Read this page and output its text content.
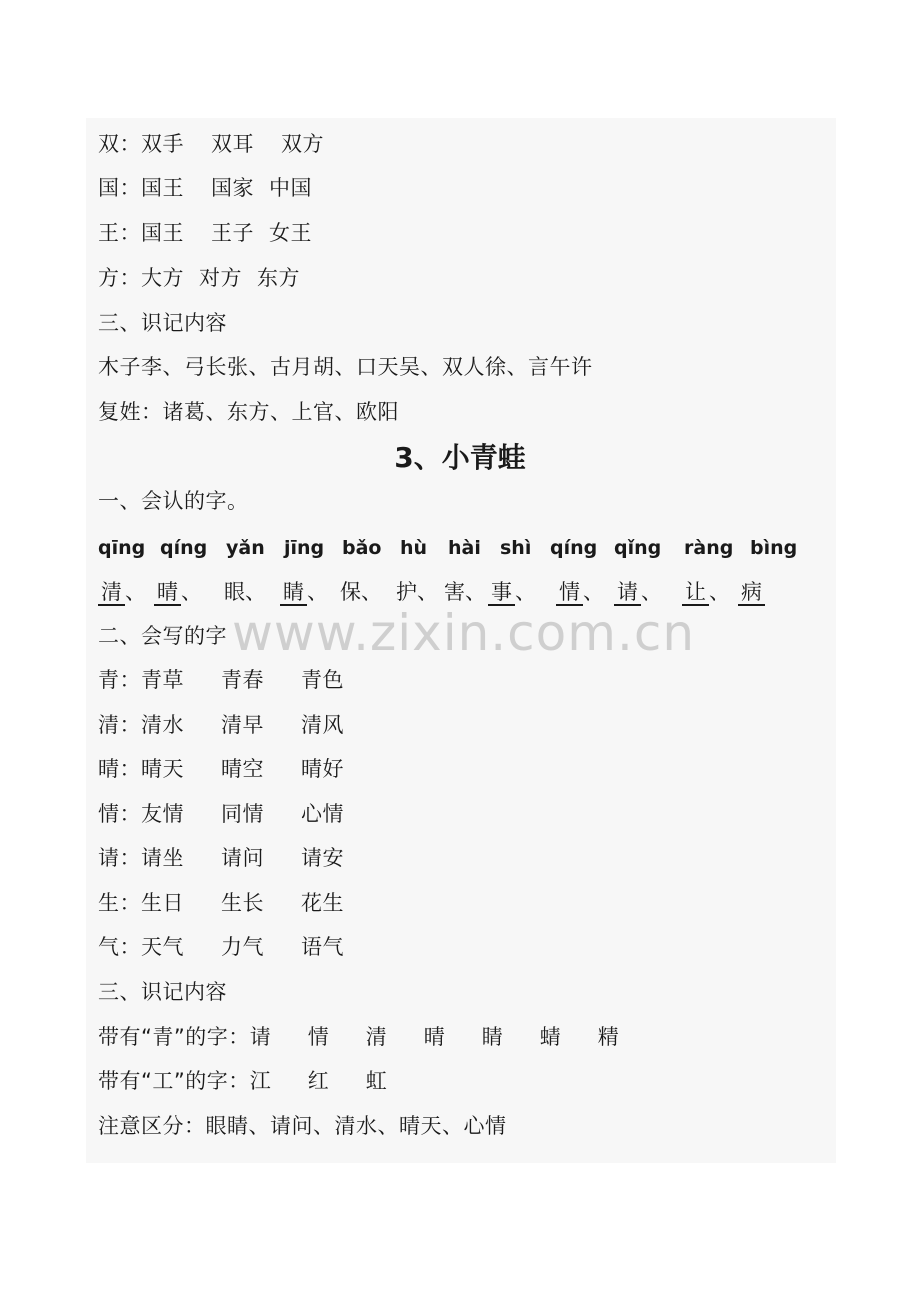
双：双手 双耳 双方
国：国王 国家 中国
王：国王 王子 女王
方：大方 对方 东方
三、识记内容
木子李、弓长张、古月胡、口天吴、双人徐、言午许
复姓：诸葛、东方、上官、欧阳
3、小青蛙
一、会认的字。
qīng qíng yǎn jīng bǎo hù hài shì qíng qǐng ràng bìng
清 、 晴 、 眼、 睛 、 保、 护、 害、 事 、 情 、 请 、 让 、 病
二、会写的字
青：青草 青春 青色
清：清水 清早 清风
晴：晴天 晴空 晴好
情：友情 同情 心情
请：请坐 请问 请安
生：生日 生长 花生
气：天气 力气 语气
三、识记内容
带有“青”的字：请 情 清 晴 睛 蜻 精
带有“工”的字：江 红 虹
注意区分：眼睛、请问、清水、晴天、心情
www.zixin.com.cn
